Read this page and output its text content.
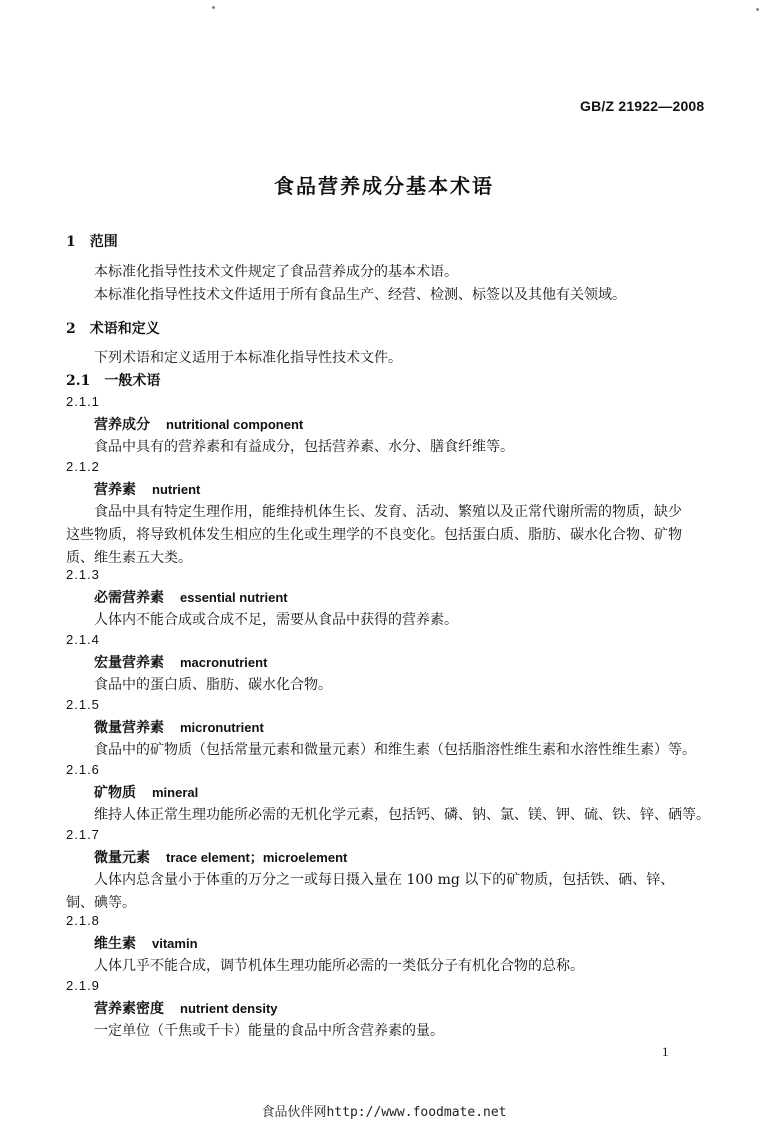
GB/Z 21922—2008
食品营养成分基本术语
1　范围
本标准化指导性技术文件规定了食品营养成分的基本术语。
本标准化指导性技术文件适用于所有食品生产、经营、检测、标签以及其他有关领域。
2　术语和定义
下列术语和定义适用于本标准化指导性技术文件。
2.1　一般术语
2.1.1
营养成分 nutritional component
食品中具有的营养素和有益成分，包括营养素、水分、膳食纤维等。
2.1.2
营养素 nutrient
食品中具有特定生理作用，能维持机体生长、发育、活动、繁殖以及正常代谢所需的物质，缺少这些物质，将导致机体发生相应的生化或生理学的不良变化。包括蛋白质、脂肪、碳水化合物、矿物质、维生素五大类。
2.1.3
必需营养素 essential nutrient
人体内不能合成或合成不足，需要从食品中获得的营养素。
2.1.4
宏量营养素 macronutrient
食品中的蛋白质、脂肪、碳水化合物。
2.1.5
微量营养素 micronutrient
食品中的矿物质（包括常量元素和微量元素）和维生素（包括脂溶性维生素和水溶性维生素）等。
2.1.6
矿物质 mineral
维持人体正常生理功能所必需的无机化学元素，包括钙、磷、钠、氯、镁、钾、硫、铁、锌、硒等。
2.1.7
微量元素 trace element；microelement
人体内总含量小于体重的万分之一或每日摄入量在 100 mg 以下的矿物质，包括铁、硒、锌、铜、碘等。
2.1.8
维生素 vitamin
人体几乎不能合成，调节机体生理功能所必需的一类低分子有机化合物的总称。
2.1.9
营养素密度 nutrient density
一定单位（千焦或千卡）能量的食品中所含营养素的量。
1
食品伙伴网http://www.foodmate.net
